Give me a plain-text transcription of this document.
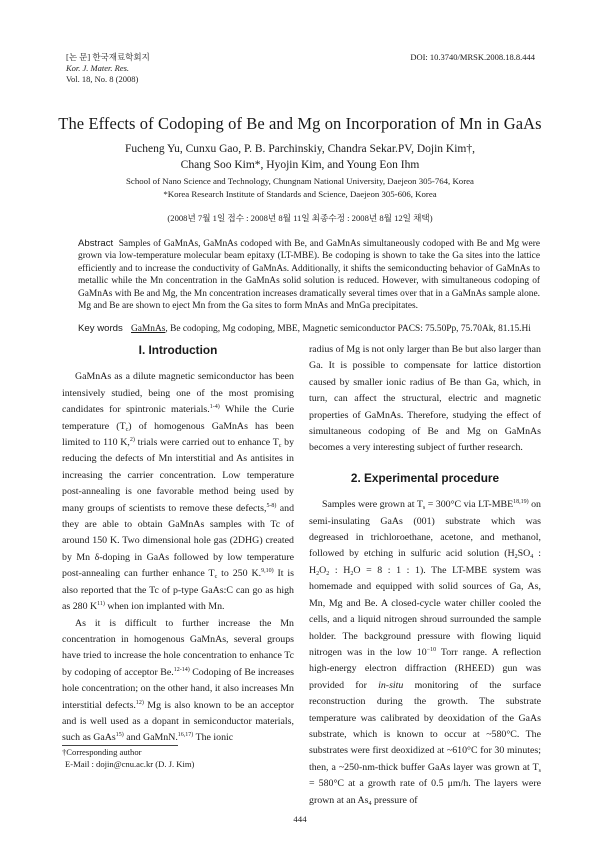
[논 문] 한국재료학회지
Kor. J. Mater. Res.
Vol. 18, No. 8 (2008)
DOI: 10.3740/MRSK.2008.18.8.444
The Effects of Codoping of Be and Mg on Incorporation of Mn in GaAs
Fucheng Yu, Cunxu Gao, P. B. Parchinskiy, Chandra Sekar.PV, Dojin Kim†,
Chang Soo Kim*, Hyojin Kim, and Young Eon Ihm
School of Nano Science and Technology, Chungnam National University, Daejeon 305-764, Korea
*Korea Research Institute of Standards and Science, Daejeon 305-606, Korea
(2008년 7월 1일 접수 : 2008년 8월 11일 최종수정 : 2008년 8월 12일 채택)
Abstract Samples of GaMnAs, GaMnAs codoped with Be, and GaMnAs simultaneously codoped with Be and Mg were grown via low-temperature molecular beam epitaxy (LT-MBE). Be codoping is shown to take the Ga sites into the lattice efficiently and to increase the conductivity of GaMnAs. Additionally, it shifts the semiconducting behavior of GaMnAs to metallic while the Mn concentration in the GaMnAs solid solution is reduced. However, with simultaneous codoping of GaMnAs with Be and Mg, the Mn concentration increases dramatically several times over that in a GaMnAs sample alone. Mg and Be are shown to eject Mn from the Ga sites to form MnAs and MnGa precipitates.
Key words GaMnAs, Be codoping, Mg codoping, MBE, Magnetic semiconductor PACS: 75.50Pp, 75.70Ak, 81.15.Hi
I. Introduction

GaMnAs as a dilute magnetic semiconductor has been intensively studied, being one of the most promising candidates for spintronic materials.$^{1-4)}$ While the Curie temperature $(T_c)$ of homogenous GaMnAs has been limited to 110 K,$^{2)}$ trials were carried out to enhance $T_c$ by reducing the defects of Mn interstitial and As antisites in increasing the carrier concentration. Low temperature post-annealing is one favorable method being used by many groups of scientists to remove these defects,$^{5-8)}$ and they are able to obtain GaMnAs samples with Tc of around 150 K. Two dimensional hole gas (2DHG) created by Mn δ-doping in GaAs followed by low temperature post-annealing can further enhance $T_c$ to 250 K.$^{9,10)}$ It is also reported that the Tc of p-type GaAs:C can go as high as 280 $K^{11)}$ when ion implanted with Mn.

As it is difficult to further increase the Mn concentration in homogenous GaMnAs, several groups have tried to increase the hole concentration to enhance Tc by codoping of acceptor Be.$^{12-14)}$ Codoping of Be increases hole concentration; on the other hand, it also increases Mn interstitial defects.$^{12)}$ Mg is also known to be an acceptor and is well used as a dopant in semiconductor materials, such as GaAs$^{15)}$ and GaMnN.$^{16,17)}$ The ionic

radius of Mg is not only larger than Be but also larger than Ga. It is possible to compensate for lattice distortion caused by smaller ionic radius of Be than Ga, which, in turn, can affect the structural, electric and magnetic properties of GaMnAs. Therefore, studying the effect of simultaneous codoping of Be and Mg on GaMnAs becomes a very interesting subject of further research.

2. Experimental procedure

Samples were grown at $T_s = 300^\circ C$ via LT-MBE$^{18,19)}$ on semi-insulating GaAs (001) substrate which was degreased in trichloroethane, acetone, and methanol, followed by etching in sulfuric acid solution ($H_2SO_4$ : $H_2O_2$ : $H_2O = 8$ : 1 : 1). The LT-MBE system was homemade and equipped with solid sources of Ga, As, Mn, Mg and Be. A closed-cycle water chiller cooled the cells, and a liquid nitrogen shroud surrounded the sample holder. The background pressure with flowing liquid nitrogen was in the low $10^{-10}$ Torr range. A reflection high-energy electron diffraction (RHEED) gun was provided for in-situ monitoring of the surface reconstruction during the growth. The substrate temperature was calibrated by deoxidation of the GaAs substrate, which is known to occur at ~580°C. The substrates were first deoxidized at ~610°C for 30 minutes; then, a ~250-nm-thick buffer GaAs layer was grown at $T_s = 580^\circ C$ at a growth rate of 0.5 μm/h. The layers were grown at an $As_4$ pressure of

†Corresponding author
E-Mail : dojin@cnu.ac.kr (D. J. Kim)
444
